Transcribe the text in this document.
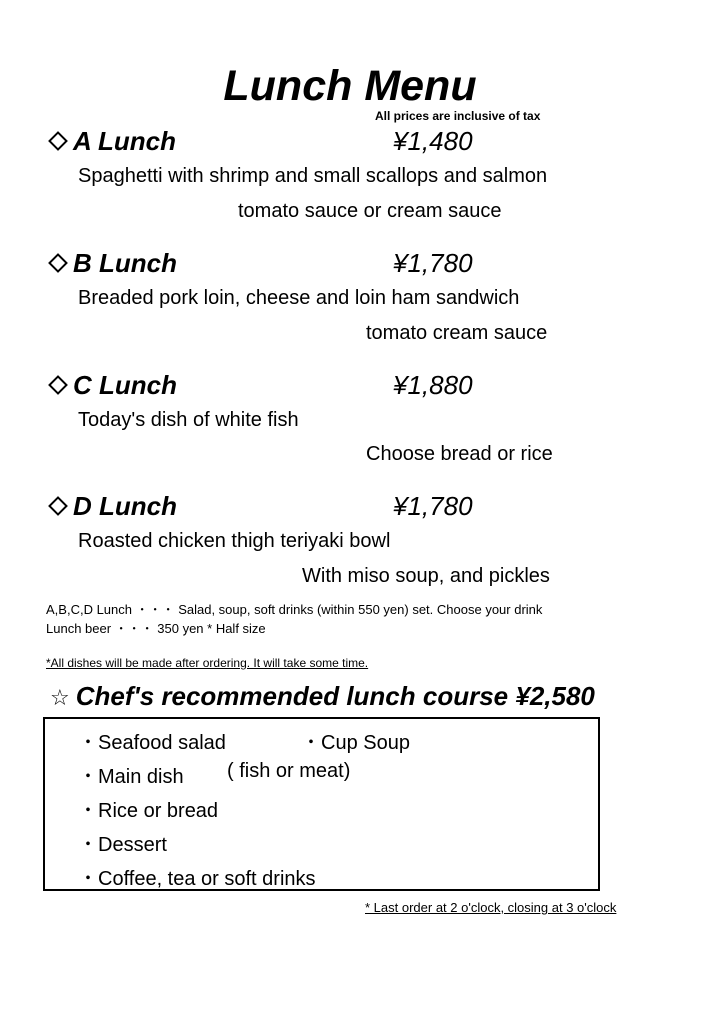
Lunch Menu
All prices are inclusive of tax
A Lunch	¥1,480
Spaghetti with shrimp and small scallops and salmon
tomato sauce or cream sauce
B Lunch	¥1,780
Breaded pork loin, cheese and loin ham sandwich
tomato cream sauce
C Lunch	¥1,880
Today's dish of white fish
Choose bread or rice
D Lunch	¥1,780
Roasted chicken thigh teriyaki bowl
With miso soup, and pickles
A,B,C,D Lunch ・・・ Salad, soup, soft drinks (within 550 yen) set. Choose your drink
Lunch beer ・・・ 350 yen * Half size
*All dishes will be made after ordering. It will take some time.
☆ Chef's recommended lunch course ¥2,580
・Seafood salad	・Cup Soup
・Main dish ( fish or meat)
・Rice or bread
・Dessert
・Coffee, tea or soft drinks
* Last order at 2 o'clock, closing at 3 o'clock
